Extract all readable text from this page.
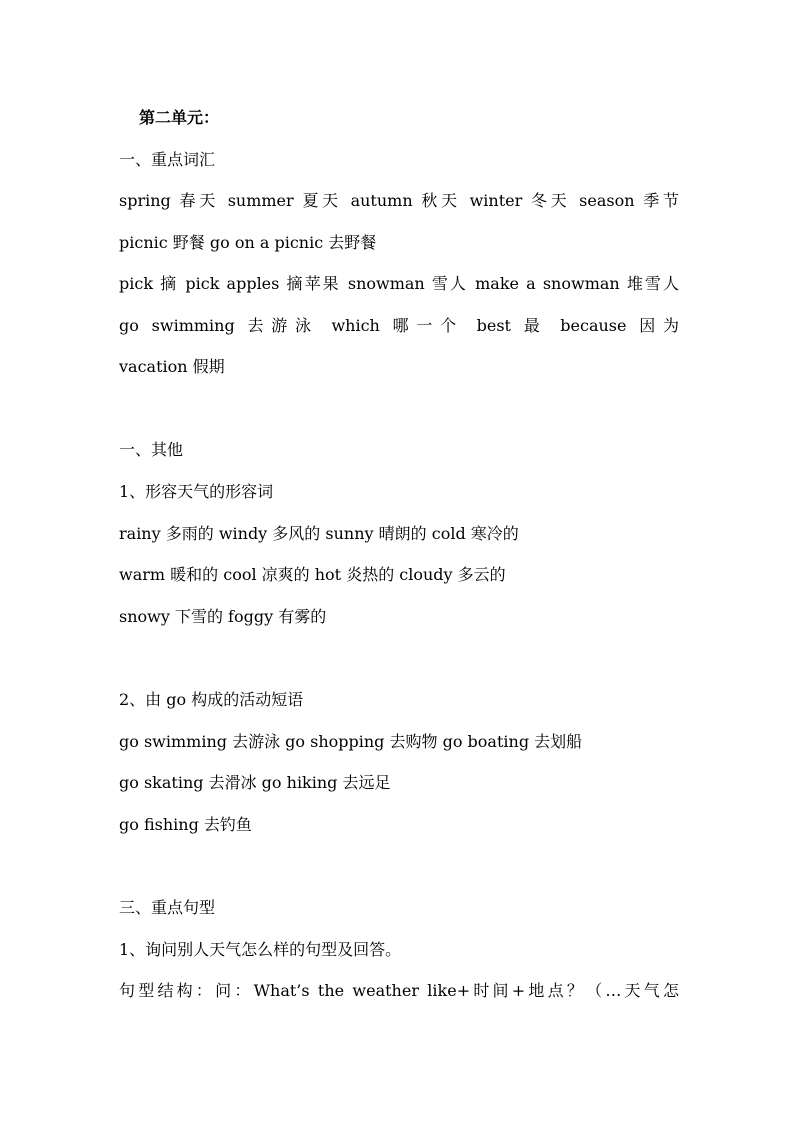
第二单元：
一、重点词汇
spring 春天 summer 夏天 autumn 秋天 winter 冬天 season 季节
picnic 野餐 go on a picnic 去野餐
pick 摘 pick apples 摘苹果 snowman 雪人 make a snowman 堆雪人
go swimming 去游泳 which 哪一个 best 最 because 因为
vacation 假期
一、其他
1、形容天气的形容词
rainy 多雨的 windy 多风的 sunny 晴朗的 cold 寒冷的
warm 暖和的 cool 凉爽的 hot 炎热的 cloudy 多云的
snowy 下雪的 foggy 有雾的
2、由 go 构成的活动短语
go swimming 去游泳 go shopping 去购物 go boating 去划船
go skating 去滑冰 go hiking 去远足
go fishing 去钓鱼
三、重点句型
1、询问别人天气怎么样的句型及回答。
句型结构：问：What’s the weather like+时间+地点？（…天气怎
